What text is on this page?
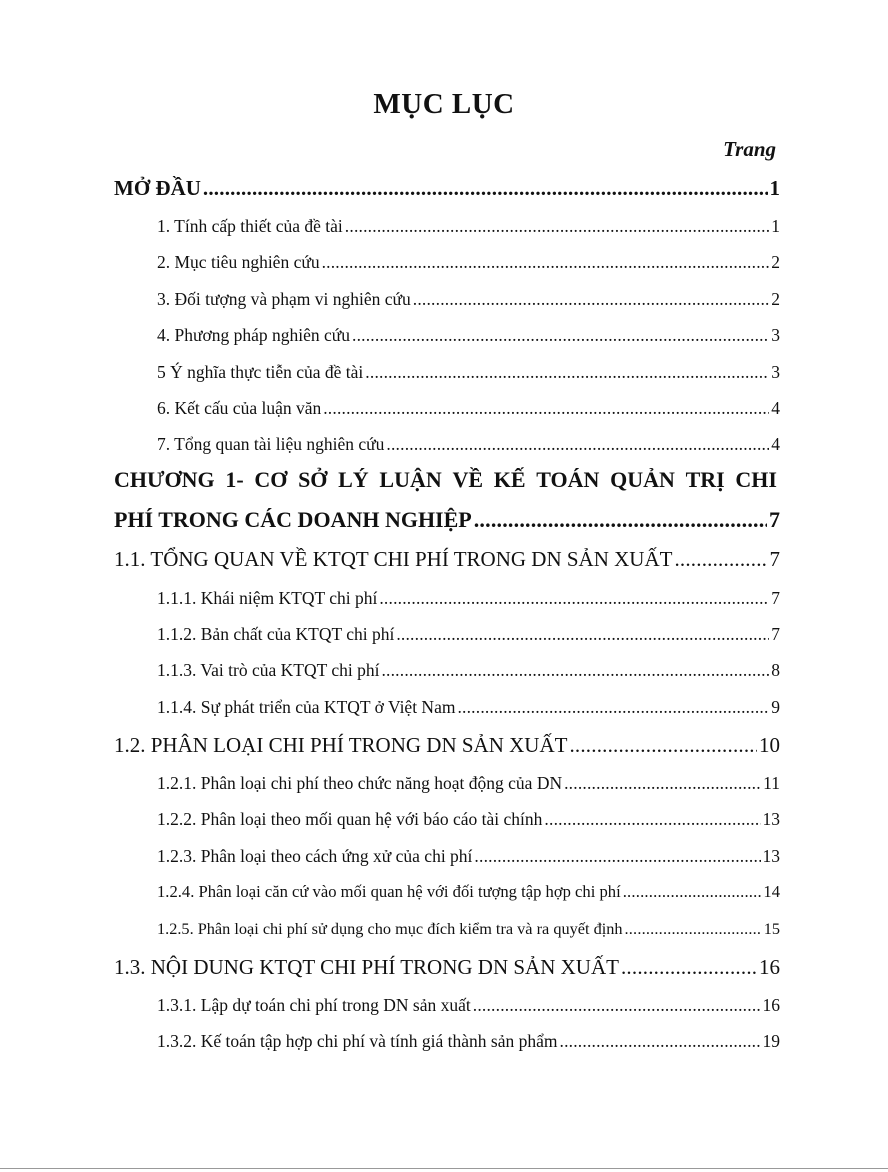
MỤC LỤC
Trang
MỞ ĐẦU .....	1
1. Tính cấp thiết của đề tài .....	1
2. Mục tiêu nghiên cứu .....	2
3. Đối tượng và phạm vi nghiên cứu .....	2
4. Phương pháp nghiên cứu .....	3
5 Ý nghĩa thực tiễn của đề tài .....	3
6. Kết cấu của luận văn .....	4
7. Tổng quan tài liệu nghiên cứu .....	4
CHƯƠNG 1- CƠ SỞ LÝ LUẬN VỀ KẾ TOÁN QUẢN TRỊ CHI
PHÍ TRONG CÁC DOANH NGHIỆP .....	7
1.1. TỔNG QUAN VỀ KTQT CHI PHÍ TRONG DN SẢN XUẤT .....	7
1.1.1. Khái niệm KTQT chi phí .....	7
1.1.2. Bản chất của KTQT chi phí .....	7
1.1.3. Vai trò của KTQT chi phí .....	8
1.1.4. Sự phát triển của KTQT ở Việt Nam .....	9
1.2. PHÂN LOẠI CHI PHÍ TRONG DN SẢN XUẤT .....	10
1.2.1. Phân loại chi phí theo chức năng hoạt động của DN .....	11
1.2.2. Phân loại theo mối quan hệ với báo cáo tài chính .....	13
1.2.3. Phân loại theo cách ứng xử của chi phí .....	13
1.2.4. Phân loại căn cứ vào mối quan hệ với đối tượng tập hợp chi phí .....	14
1.2.5. Phân loại chi phí sử dụng cho mục đích kiểm tra và ra quyết định .....	15
1.3. NỘI DUNG KTQT CHI PHÍ TRONG DN SẢN XUẤT .....	16
1.3.1. Lập dự toán chi phí trong DN sản xuất .....	16
1.3.2. Kế toán tập hợp chi phí và tính giá thành sản phẩm .....	19
